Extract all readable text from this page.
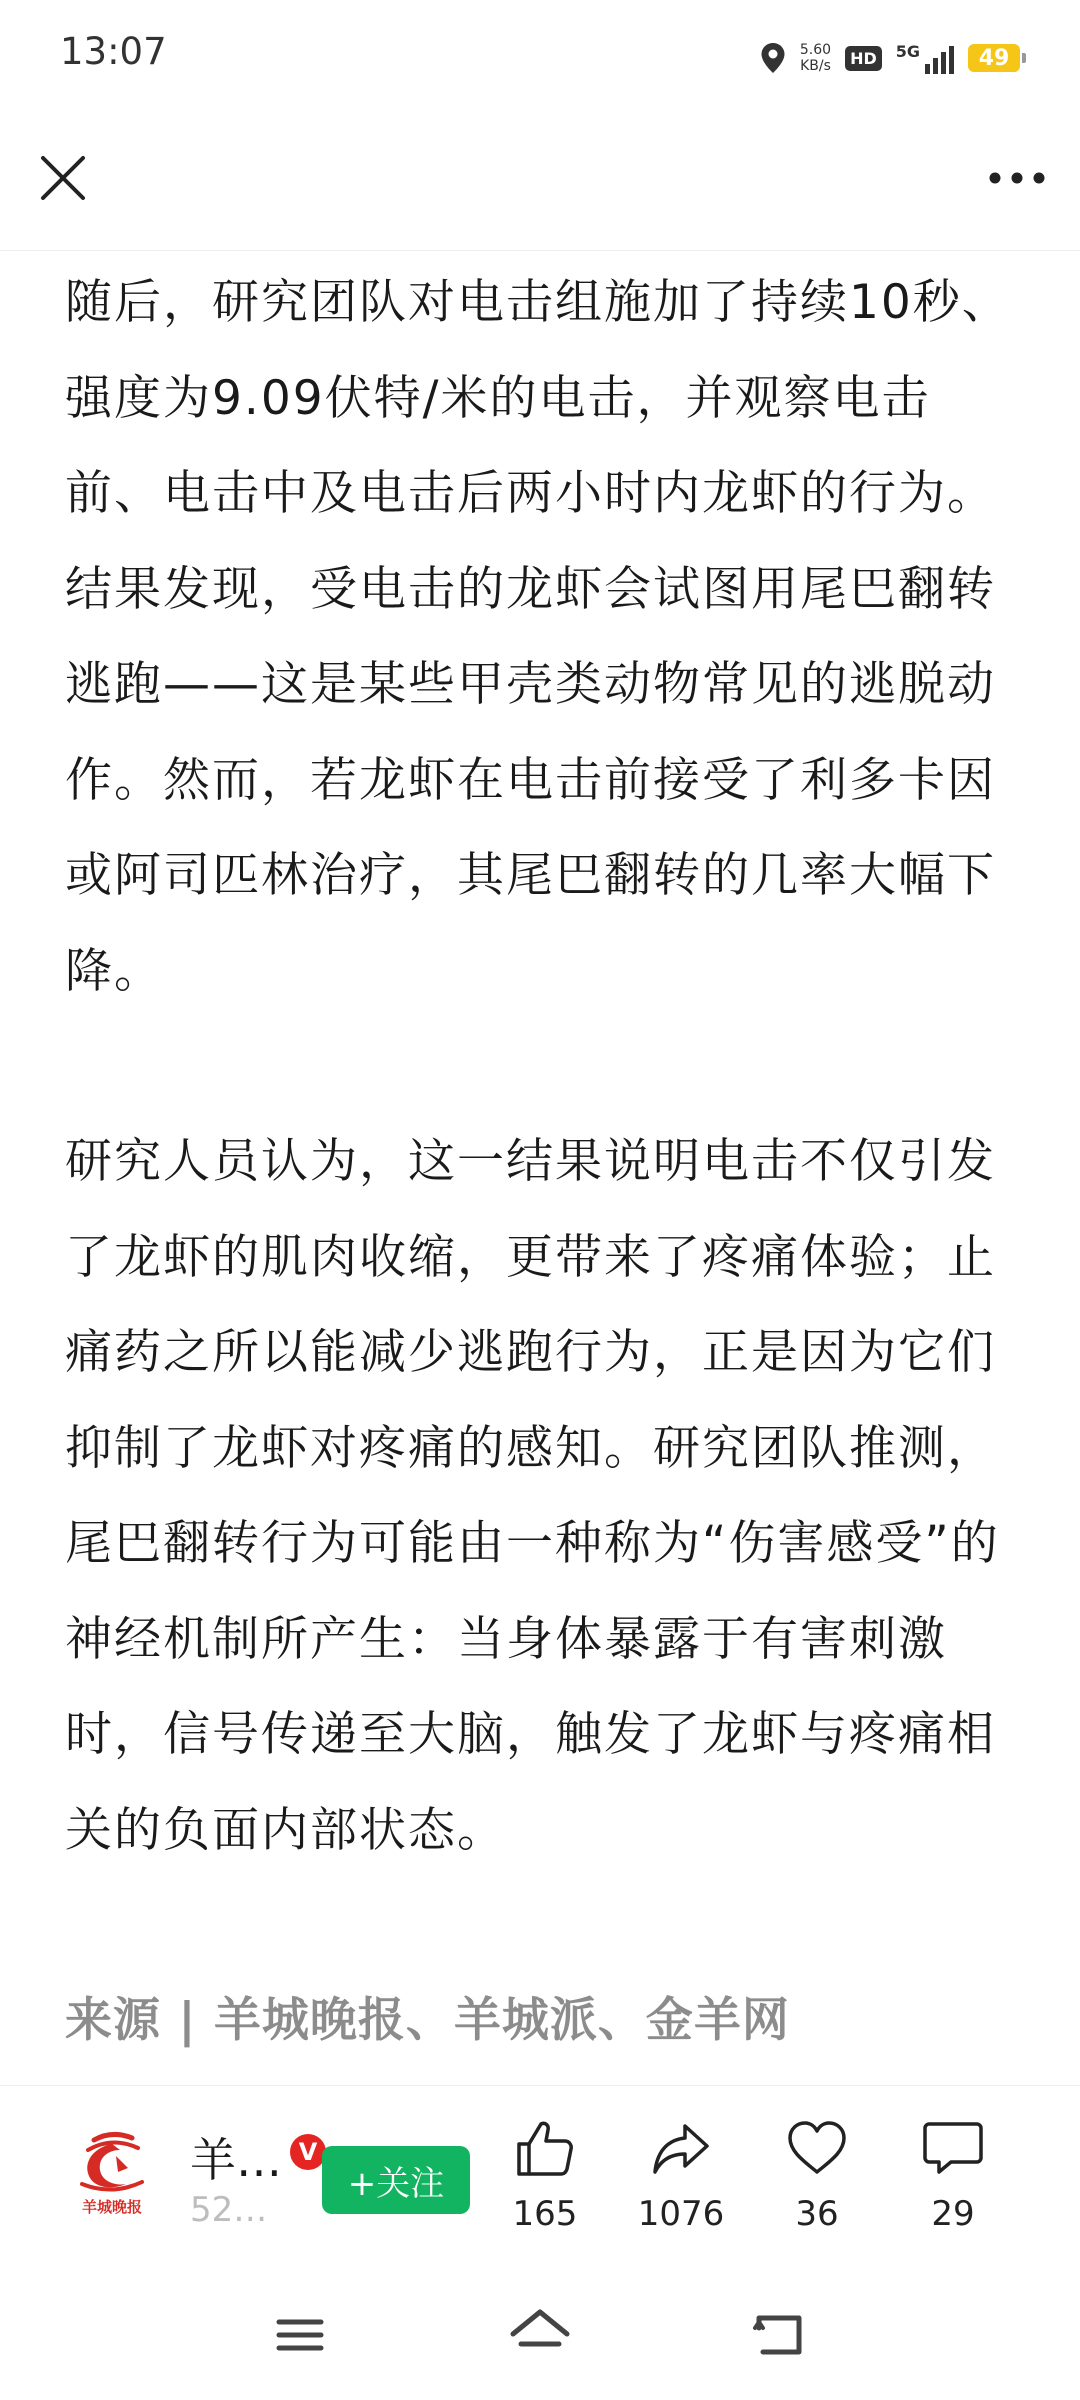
13:07	5.60
KB/s	HD	5G	49

随后，研究团队对电击组施加了持续10秒、强度为9.09伏特/米的电击，并观察电击前、电击中及电击后两小时内龙虾的行为。结果发现，受电击的龙虾会试图用尾巴翻转逃跑——这是某些甲壳类动物常见的逃脱动作。然而，若龙虾在电击前接受了利多卡因或阿司匹林治疗，其尾巴翻转的几率大幅下降。

研究人员认为，这一结果说明电击不仅引发了龙虾的肌肉收缩，更带来了疼痛体验；止痛药之所以能减少逃跑行为，正是因为它们抑制了龙虾对疼痛的感知。研究团队推测，尾巴翻转行为可能由一种称为“伤害感受”的神经机制所产生：当身体暴露于有害刺激时，信号传递至大脑，触发了龙虾与疼痛相关的负面内部状态。

来源 | 羊城晚报、羊城派、金羊网
羊城晚报
羊… V
52…
+关注
165 1076 36	29
